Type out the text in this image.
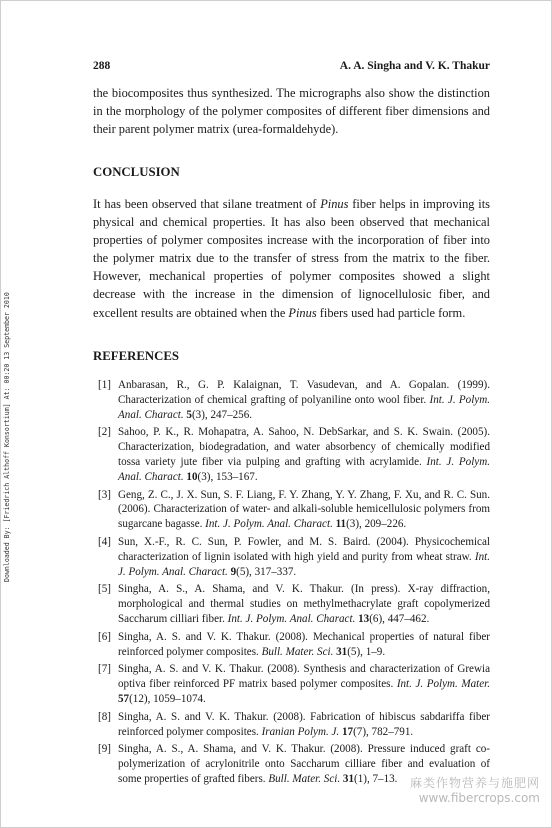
288	A. A. Singha and V. K. Thakur

the biocomposites thus synthesized. The micrographs also show the distinction in the morphology of the polymer composites of different fiber dimensions and their parent polymer matrix (urea-formaldehyde).

CONCLUSION

It has been observed that silane treatment of Pinus fiber helps in improving its physical and chemical properties. It has also been observed that mechanical properties of polymer composites increase with the incorporation of fiber into the polymer matrix due to the transfer of stress from the matrix to the fiber. However, mechanical properties of polymer composites showed a slight decrease with the increase in the dimension of lignocellulosic fiber, and excellent results are obtained when the Pinus fibers used had particle form.

REFERENCES
[1] Anbarasan, R., G. P. Kalaignan, T. Vasudevan, and A. Gopalan. (1999). Characterization of chemical grafting of polyaniline onto wool fiber. Int. J. Polym. Anal. Charact. 5(3), 247–256.
[2] Sahoo, P. K., R. Mohapatra, A. Sahoo, N. DebSarkar, and S. K. Swain. (2005). Characterization, biodegradation, and water absorbency of chemically modified tossa variety jute fiber via pulping and grafting with acrylamide. Int. J. Polym. Anal. Charact. 10(3), 153–167.
[3] Geng, Z. C., J. X. Sun, S. F. Liang, F. Y. Zhang, Y. Y. Zhang, F. Xu, and R. C. Sun. (2006). Characterization of water- and alkali-soluble hemicellulosic polymers from sugarcane bagasse. Int. J. Polym. Anal. Charact. 11(3), 209–226.
[4] Sun, X.-F., R. C. Sun, P. Fowler, and M. S. Baird. (2004). Physicochemical characterization of lignin isolated with high yield and purity from wheat straw. Int. J. Polym. Anal. Charact. 9(5), 317–337.
[5] Singha, A. S., A. Shama, and V. K. Thakur. (In press). X-ray diffraction, morphological and thermal studies on methylmethacrylate graft copolymerized Saccharum cilliari fiber. Int. J. Polym. Anal. Charact. 13(6), 447–462.
[6] Singha, A. S. and V. K. Thakur. (2008). Mechanical properties of natural fiber reinforced polymer composites. Bull. Mater. Sci. 31(5), 1–9.
[7] Singha, A. S. and V. K. Thakur. (2008). Synthesis and characterization of Grewia optiva fiber reinforced PF matrix based polymer composites. Int. J. Polym. Mater. 57(12), 1059–1074.
[8] Singha, A. S. and V. K. Thakur. (2008). Fabrication of hibiscus sabdariffa fiber reinforced polymer composites. Iranian Polym. J. 17(7), 782–791.
[9] Singha, A. S., A. Shama, and V. K. Thakur. (2008). Pressure induced graft co-polymerization of acrylonitrile onto Saccharum cilliare fiber and evaluation of some properties of grafted fibers. Bull. Mater. Sci. 31(1), 7–13.
Downloaded By: [Friedrich Althoff Konsortium] At: 00:20 13 September 2010
麻类作物营养与施肥网
www.fibercrops.com
